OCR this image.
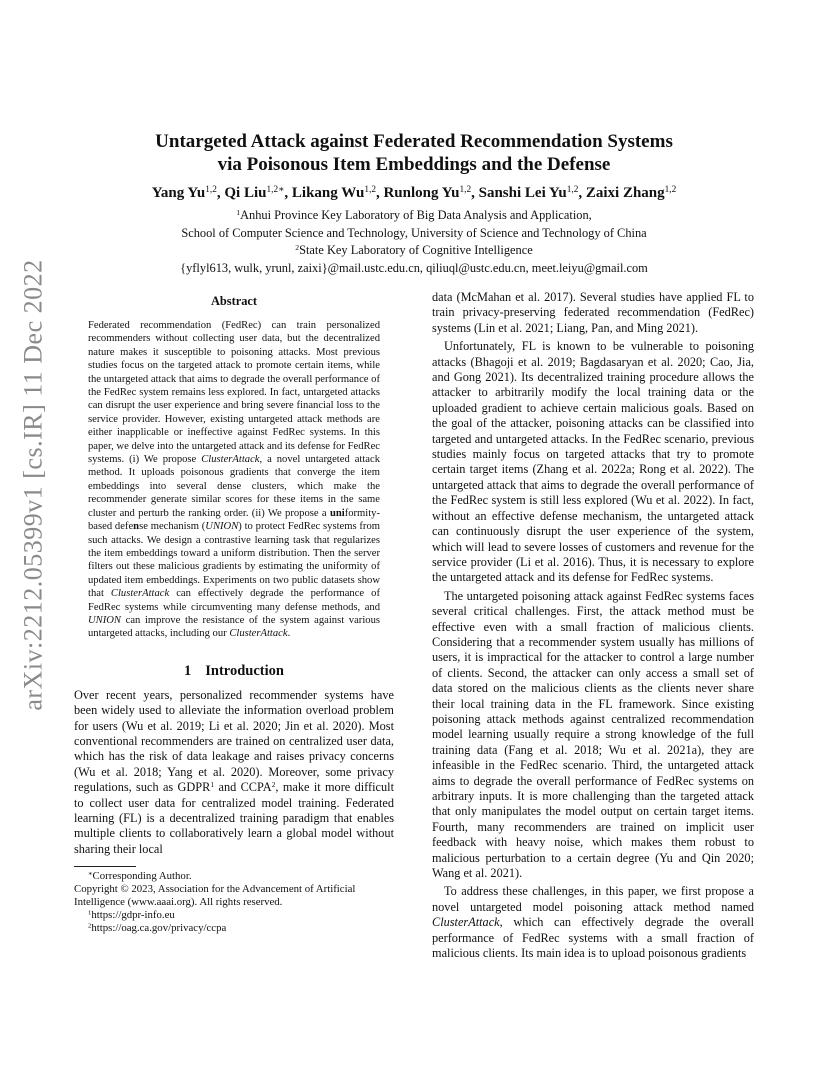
arXiv:2212.05399v1 [cs.IR] 11 Dec 2022
Untargeted Attack against Federated Recommendation Systems
via Poisonous Item Embeddings and the Defense
Yang Yu$^{1,2}$, Qi Liu$^{1,2∗}$, Likang Wu$^{1,2}$, Runlong Yu$^{1,2}$, Sanshi Lei Yu$^{1,2}$, Zaixi Zhang$^{1,2}$
$^1$Anhui Province Key Laboratory of Big Data Analysis and Application,
School of Computer Science and Technology, University of Science and Technology of China
$^2$State Key Laboratory of Cognitive Intelligence
{yflyl613, wulk, yrunl, zaixi}@mail.ustc.edu.cn, qiliuql@ustc.edu.cn, meet.leiyu@gmail.com
Abstract
Federated recommendation (FedRec) can train personalized recommenders without collecting user data, but the decentralized nature makes it susceptible to poisoning attacks. Most previous studies focus on the targeted attack to promote certain items, while the untargeted attack that aims to degrade the overall performance of the FedRec system remains less explored. In fact, untargeted attacks can disrupt the user experience and bring severe financial loss to the service provider. However, existing untargeted attack methods are either inapplicable or ineffective against FedRec systems. In this paper, we delve into the untargeted attack and its defense for FedRec systems. (i) We propose ClusterAttack, a novel untargeted attack method. It uploads poisonous gradients that converge the item embeddings into several dense clusters, which make the recommender generate similar scores for these items in the same cluster and perturb the ranking order. (ii) We propose a uniformity-based defense mechanism (UNION) to protect FedRec systems from such attacks. We design a contrastive learning task that regularizes the item embeddings toward a uniform distribution. Then the server filters out these malicious gradients by estimating the uniformity of updated item embeddings. Experiments on two public datasets show that ClusterAttack can effectively degrade the performance of FedRec systems while circumventing many defense methods, and UNION can improve the resistance of the system against various untargeted attacks, including our ClusterAttack.
1 Introduction

Over recent years, personalized recommender systems have been widely used to alleviate the information overload problem for users (Wu et al. 2019; Li et al. 2020; Jin et al. 2020). Most conventional recommenders are trained on centralized user data, which has the risk of data leakage and raises privacy concerns (Wu et al. 2018; Yang et al. 2020). Moreover, some privacy regulations, such as GDPR$^1$ and CCPA$^2$, make it more difficult to collect user data for centralized model training. Federated learning (FL) is a decentralized training paradigm that enables multiple clients to collaboratively learn a global model without sharing their local

∗Corresponding Author.
Copyright © 2023, Association for the Advancement of Artificial Intelligence (www.aaai.org). All rights reserved.
$^1$https://gdpr-info.eu
$^2$https://oag.ca.gov/privacy/ccpa

data (McMahan et al. 2017). Several studies have applied FL to train privacy-preserving federated recommendation (FedRec) systems (Lin et al. 2021; Liang, Pan, and Ming 2021).

Unfortunately, FL is known to be vulnerable to poisoning attacks (Bhagoji et al. 2019; Bagdasaryan et al. 2020; Cao, Jia, and Gong 2021). Its decentralized training procedure allows the attacker to arbitrarily modify the local training data or the uploaded gradient to achieve certain malicious goals. Based on the goal of the attacker, poisoning attacks can be classified into targeted and untargeted attacks. In the FedRec scenario, previous studies mainly focus on targeted attacks that try to promote certain target items (Zhang et al. 2022a; Rong et al. 2022). The untargeted attack that aims to degrade the overall performance of the FedRec system is still less explored (Wu et al. 2022). In fact, without an effective defense mechanism, the untargeted attack can continuously disrupt the user experience of the system, which will lead to severe losses of customers and revenue for the service provider (Li et al. 2016). Thus, it is necessary to explore the untargeted attack and its defense for FedRec systems.

The untargeted poisoning attack against FedRec systems faces several critical challenges. First, the attack method must be effective even with a small fraction of malicious clients. Considering that a recommender system usually has millions of users, it is impractical for the attacker to control a large number of clients. Second, the attacker can only access a small set of data stored on the malicious clients as the clients never share their local training data in the FL framework. Since existing poisoning attack methods against centralized recommendation model learning usually require a strong knowledge of the full training data (Fang et al. 2018; Wu et al. 2021a), they are infeasible in the FedRec scenario. Third, the untargeted attack aims to degrade the overall performance of FedRec systems on arbitrary inputs. It is more challenging than the targeted attack that only manipulates the model output on certain target items. Fourth, many recommenders are trained on implicit user feedback with heavy noise, which makes them robust to malicious perturbation to a certain degree (Yu and Qin 2020; Wang et al. 2021).

To address these challenges, in this paper, we first propose a novel untargeted model poisoning attack method named ClusterAttack, which can effectively degrade the overall performance of FedRec systems with a small fraction of malicious clients. Its main idea is to upload poisonous gradients
